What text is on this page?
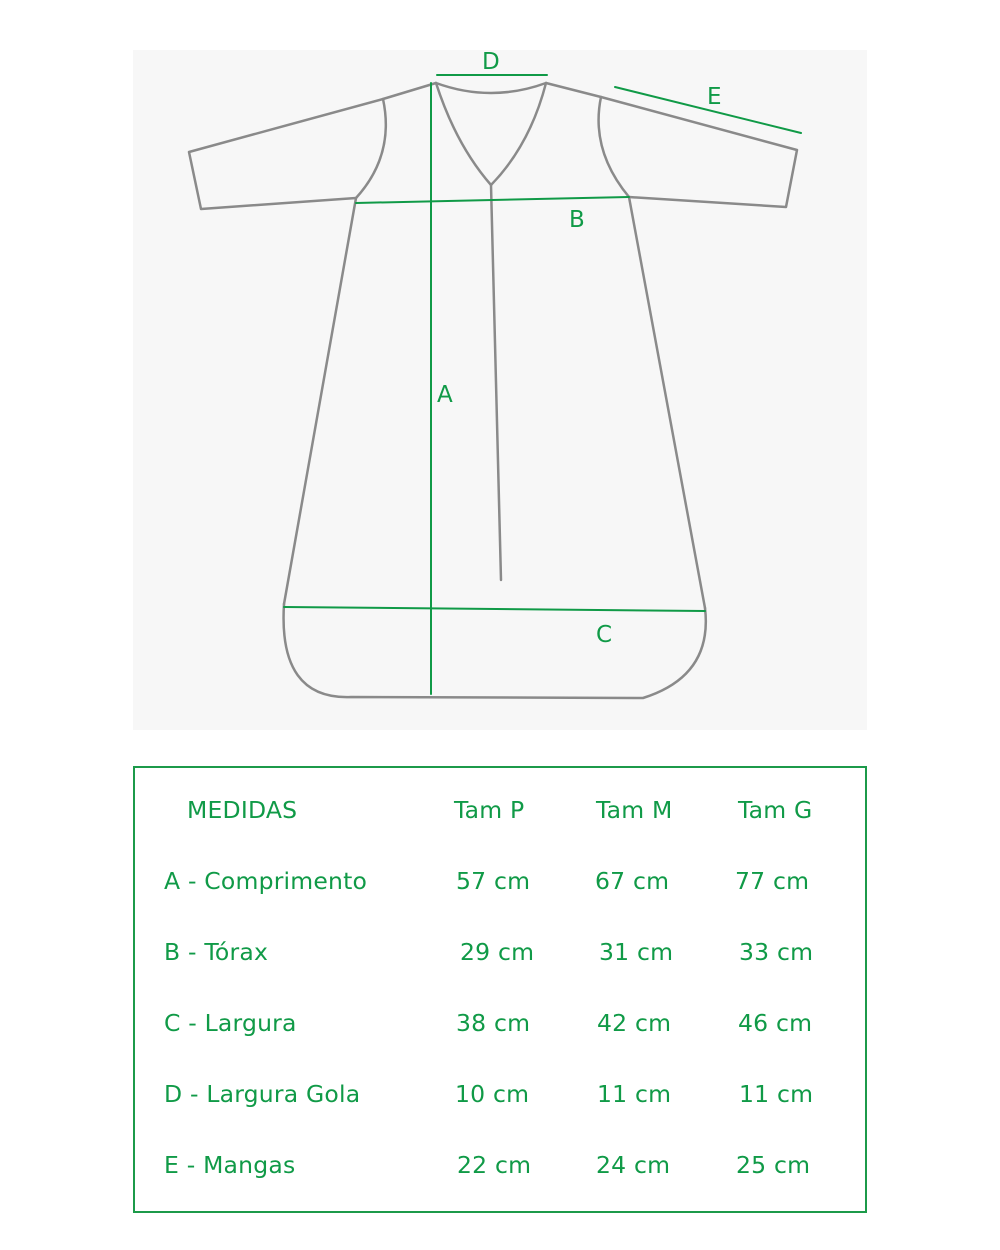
A
B
C
D
E
MEDIDAS	Tam P	Tam M	Tam G
A - Comprimento	57 cm	67 cm	77 cm
B - Tórax	29 cm	31 cm	33 cm
C - Largura	38 cm	42 cm	46 cm
D - Largura Gola	10 cm	11 cm	11 cm
E - Mangas	22 cm	24 cm	25 cm
